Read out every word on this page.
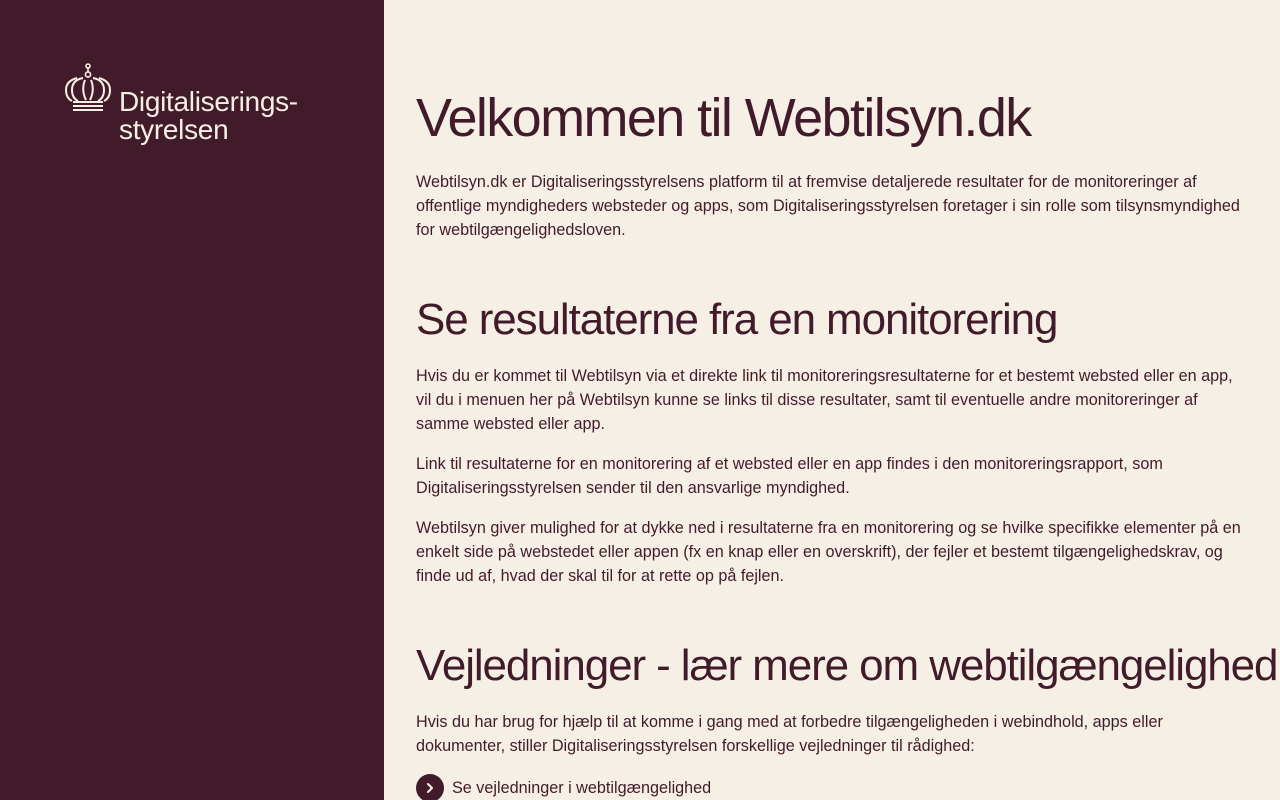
Digitaliserings-
styrelsen	Velkommen til Webtilsyn.dk

Webtilsyn.dk er Digitaliseringsstyrelsens platform til at fremvise detaljerede resultater for de monitoreringer af offentlige myndigheders websteder og apps, som Digitaliseringsstyrelsen foretager i sin rolle som tilsynsmyndighed for webtilgængelighedsloven.

Se resultaterne fra en monitorering

Hvis du er kommet til Webtilsyn via et direkte link til monitoreringsresultaterne for et bestemt websted eller en app, vil du i menuen her på Webtilsyn kunne se links til disse resultater, samt til eventuelle andre monitoreringer af samme websted eller app.

Link til resultaterne for en monitorering af et websted eller en app findes i den monitoreringsrapport, som Digitaliseringsstyrelsen sender til den ansvarlige myndighed.

Webtilsyn giver mulighed for at dykke ned i resultaterne fra en monitorering og se hvilke specifikke elementer på en enkelt side på webstedet eller appen (fx en knap eller en overskrift), der fejler et bestemt tilgængelighedskrav, og finde ud af, hvad der skal til for at rette op på fejlen.

Vejledninger - lær mere om webtilgængelighed

Hvis du har brug for hjælp til at komme i gang med at forbedre tilgængeligheden i webindhold, apps eller dokumenter, stiller Digitaliseringsstyrelsen forskellige vejledninger til rådighed:

Se vejledninger i webtilgængelighed
